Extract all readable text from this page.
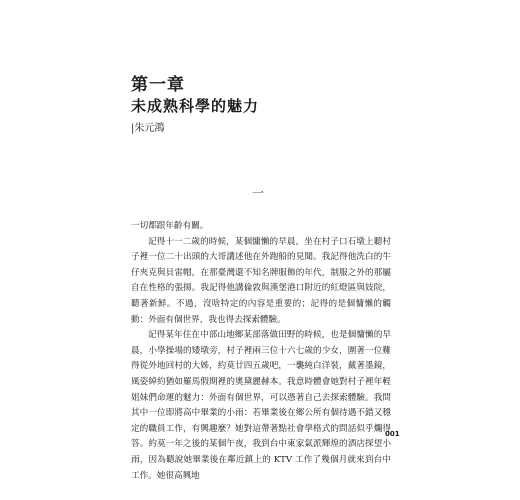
第一章
未成熟科學的魅力
|朱元鴻
一

一切都跟年齡有關。

記得十一二歲的時候，某個慵懶的早晨，坐在村子口石墩上聽村子裡一位二十出頭的大哥講述他在外跑船的見聞。我記得他洗白的牛仔夾克與貝雷帽，在那臺灣還不知名牌服飾的年代，制服之外的那屬自在性格的張揚。我記得他講倫敦與漢堡港口附近的紅燈區與妓院，聽著新鮮。不過，沒啥特定的內容是重要的；記得的是個慵懶的觸動：外面有個世界，我也得去探索體驗。

記得某年住在中部山地鄉某部落做田野的時候，也是個慵懶的早晨，小學操場的矮墩旁，村子裡兩三位十六七歲的少女，圍著一位難得從外地回村的大姊，約莫廿四五歲吧，一襲純白洋裝，戴著墨鏡，風姿綽約猶如羅馬假期裡的奧黛麗赫本。我意時體會她對村子裡年輕姐妹們命運的魅力：外面有個世界，可以憑著自己去探索體驗。我問其中一位即將高中畢業的小雨：若畢業後在鄉公所有個待遇不錯又穩定的職員工作，有興趣麼？她對這帶著點社會學格式的問話似乎爛得答。約莫一年之後的某個午夜，我到台中東家氣派輝煌的酒店探望小雨，因為聽說她畢業後在鄰近鎮上的 KTV 工作了幾個月就來到台中工作。她很高興地

001
